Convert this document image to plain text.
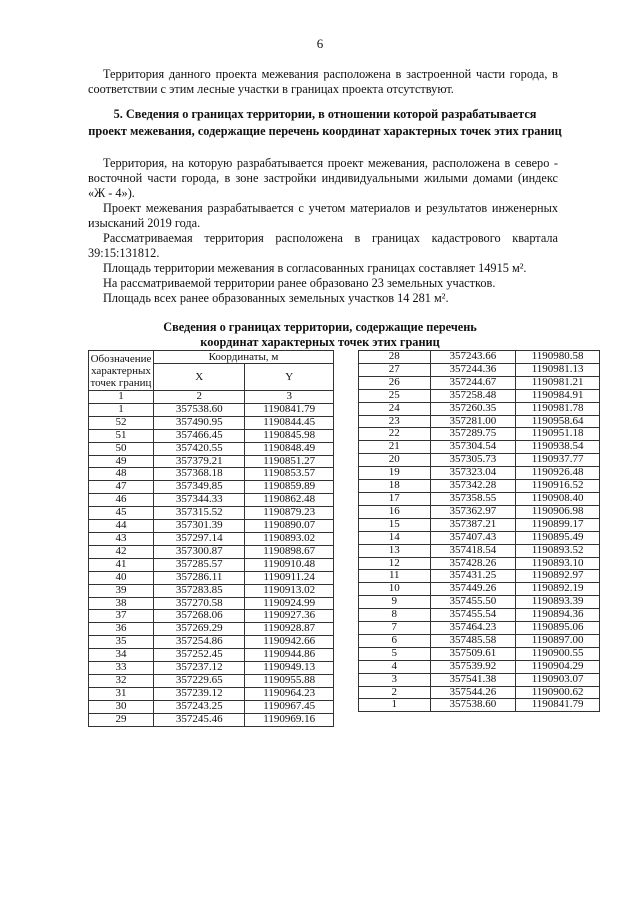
6

Территория данного проекта межевания расположена в застроенной части города, в соответствии с этим лесные участки в границах проекта отсутствуют.

5. Сведения о границах территории, в отношении которой разрабатывается
проект межевания, содержащие перечень координат характерных точек этих границ

Территория, на которую разрабатывается проект межевания, расположена в северо - восточной части города, в зоне застройки индивидуальными жилыми домами (индекс «Ж - 4»).

Проект межевания разрабатывается с учетом материалов и результатов инженерных изысканий 2019 года.

Рассматриваемая территория расположена в границах кадастрового квартала 39:15:131812.

Площадь территории межевания в согласованных границах составляет 14915 м².

На рассматриваемой территории ранее образовано 23 земельных участков.

Площадь всех ранее образованных земельных участков 14 281 м².

Сведения о границах территории, содержащие перечень
координат характерных точек этих границ
Обозначение
характерных точек границ	Координаты, м	
	X	Y
1	2	3
1	357538.60	1190841.79
52	357490.95	1190844.45
51	357466.45	1190845.98
50	357420.55	1190848.49
49	357379.21	1190851.27
48	357368.18	1190853.57
47	357349.85	1190859.89
46	357344.33	1190862.48
45	357315.52	1190879.23
44	357301.39	1190890.07
43	357297.14	1190893.02
42	357300.87	1190898.67
41	357285.57	1190910.48
40	357286.11	1190911.24
39	357283.85	1190913.02
38	357270.58	1190924.99
37	357268.06	1190927.36
36	357269.29	1190928.87
35	357254.86	1190942.66
34	357252.45	1190944.86
33	357237.12	1190949.13
32	357229.65	1190955.88
31	357239.12	1190964.23
30	357243.25	1190967.45
29	357245.46	1190969.16
28	357243.66	1190980.58
27	357244.36	1190981.13
26	357244.67	1190981.21
25	357258.48	1190984.91
24	357260.35	1190981.78
23	357281.00	1190958.64
22	357289.75	1190951.18
21	357304.54	1190938.54
20	357305.73	1190937.77
19	357323.04	1190926.48
18	357342.28	1190916.52
17	357358.55	1190908.40
16	357362.97	1190906.98
15	357387.21	1190899.17
14	357407.43	1190895.49
13	357418.54	1190893.52
12	357428.26	1190893.10
11	357431.25	1190892.97
10	357449.26	1190892.19
9	357455.50	1190893.39
8	357455.54	1190894.36
7	357464.23	1190895.06
6	357485.58	1190897.00
5	357509.61	1190900.55
4	357539.92	1190904.29
3	357541.38	1190903.07
2	357544.26	1190900.62
1	357538.60	1190841.79
